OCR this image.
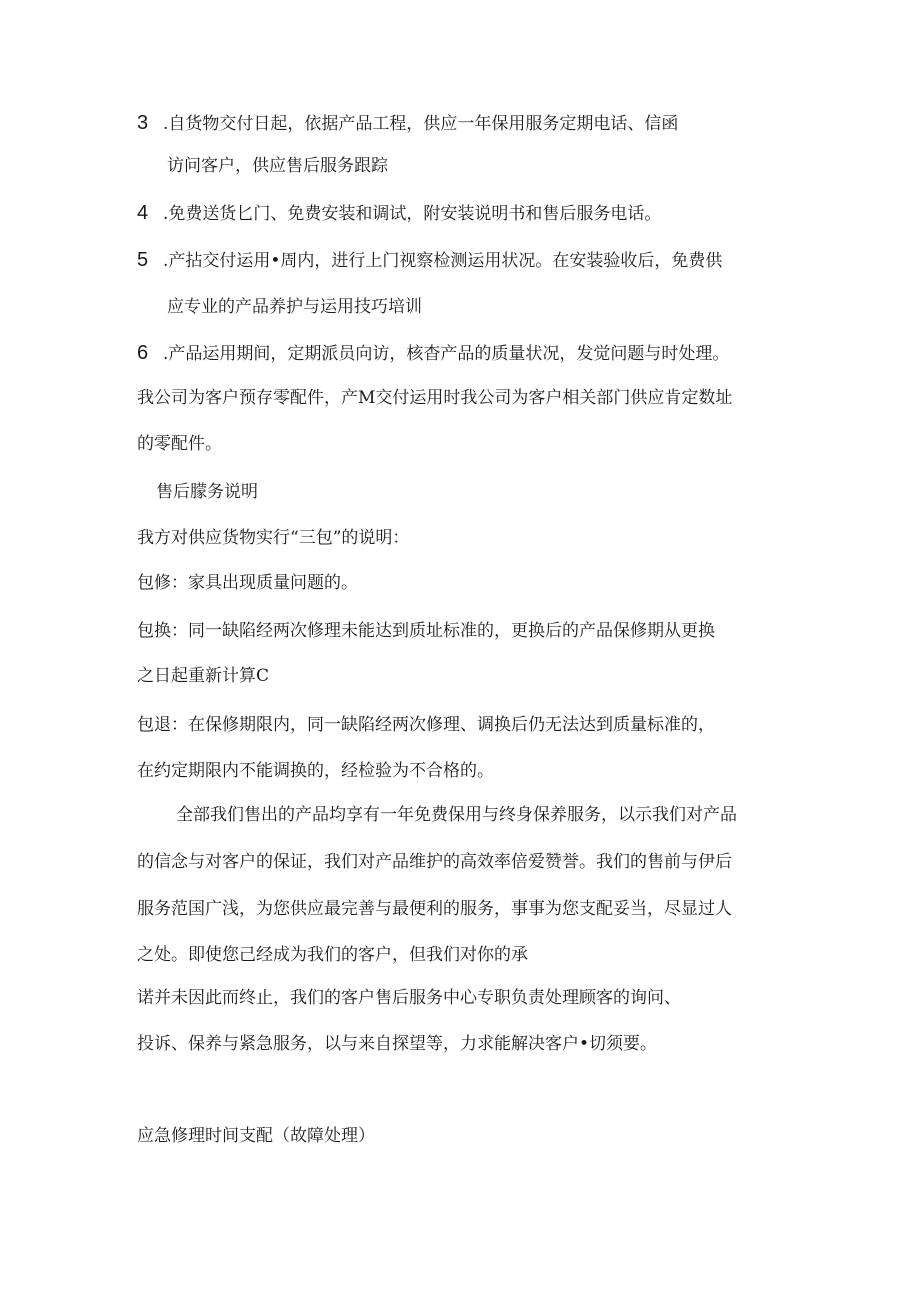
3 .自货物交付日起，依据产品工程，供应一年保用服务定期电话、信函
访问客户，供应售后服务跟踪
4 .免费送货匕门、免费安装和调试，附安装说明书和售后服务电话。
5 .产拈交付运用•周内，进行上门视察检测运用状况。在安装验收后，免费供
应专业的产品养护与运用技巧培训
6 .产品运用期间，定期派员向访，核杳产品的质量状况，发觉问题与时处理。
我公司为客户预存零配件，产M交付运用时我公司为客户相关部门供应肯定数址
的零配件。
售后朦务说明
我方对供应货物实行“三包”的说明：
包修：家具出现质量问题的。
包换：同一缺陷经两次修理未能达到质址标准的，更换后的产品保修期从更换
之日起重新计算C
包退：在保修期限内，同一缺陷经两次修理、调换后仍无法达到质量标准的，
在约定期限内不能调换的，经检验为不合格的。
全部我们售出的产品均享有一年免费保用与终身保养服务，以示我们对产品
的信念与对客户的保证，我们对产品维护的高效率倍爱赞誉。我们的售前与伊后
服务范国广浅，为您供应最完善与最便利的服务，事事为您支配妥当，尽显过人
之处。即使您己经成为我们的客户，但我们对你的承
诺并未因此而终止，我们的客户售后服务中心专职负责处理顾客的询问、
投诉、保养与紧急服务，以与来自探望等，力求能解决客户•切须要。
应急修理时间支配（故障处理）
